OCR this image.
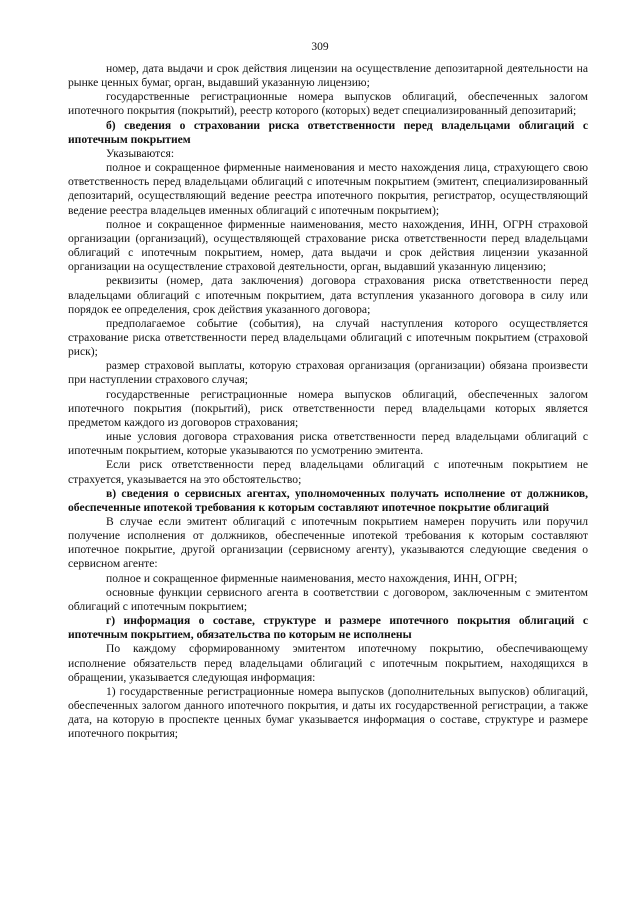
309

номер, дата выдачи и срок действия лицензии на осуществление депозитарной деятельности на рынке ценных бумаг, орган, выдавший указанную лицензию;

государственные регистрационные номера выпусков облигаций, обеспеченных залогом ипотечного покрытия (покрытий), реестр которого (которых) ведет специализированный депозитарий;

б) сведения о страховании риска ответственности перед владельцами облигаций с ипотечным покрытием

Указываются:

полное и сокращенное фирменные наименования и место нахождения лица, страхующего свою ответственность перед владельцами облигаций с ипотечным покрытием (эмитент, специализированный депозитарий, осуществляющий ведение реестра ипотечного покрытия, регистратор, осуществляющий ведение реестра владельцев именных облигаций с ипотечным покрытием);

полное и сокращенное фирменные наименования, место нахождения, ИНН, ОГРН страховой организации (организаций), осуществляющей страхование риска ответственности перед владельцами облигаций с ипотечным покрытием, номер, дата выдачи и срок действия лицензии указанной организации на осуществление страховой деятельности, орган, выдавший указанную лицензию;

реквизиты (номер, дата заключения) договора страхования риска ответственности перед владельцами облигаций с ипотечным покрытием, дата вступления указанного договора в силу или порядок ее определения, срок действия указанного договора;

предполагаемое событие (события), на случай наступления которого осуществляется страхование риска ответственности перед владельцами облигаций с ипотечным покрытием (страховой риск);

размер страховой выплаты, которую страховая организация (организации) обязана произвести при наступлении страхового случая;

государственные регистрационные номера выпусков облигаций, обеспеченных залогом ипотечного покрытия (покрытий), риск ответственности перед владельцами которых является предметом каждого из договоров страхования;

иные условия договора страхования риска ответственности перед владельцами облигаций с ипотечным покрытием, которые указываются по усмотрению эмитента.

Если риск ответственности перед владельцами облигаций с ипотечным покрытием не страхуется, указывается на это обстоятельство;

в) сведения о сервисных агентах, уполномоченных получать исполнение от должников, обеспеченные ипотекой требования к которым составляют ипотечное покрытие облигаций

В случае если эмитент облигаций с ипотечным покрытием намерен поручить или поручил получение исполнения от должников, обеспеченные ипотекой требования к которым составляют ипотечное покрытие, другой организации (сервисному агенту), указываются следующие сведения о сервисном агенте:

полное и сокращенное фирменные наименования, место нахождения, ИНН, ОГРН;

основные функции сервисного агента в соответствии с договором, заключенным с эмитентом облигаций с ипотечным покрытием;

г) информация о составе, структуре и размере ипотечного покрытия облигаций с ипотечным покрытием, обязательства по которым не исполнены

По каждому сформированному эмитентом ипотечному покрытию, обеспечивающему исполнение обязательств перед владельцами облигаций с ипотечным покрытием, находящихся в обращении, указывается следующая информация:

1) государственные регистрационные номера выпусков (дополнительных выпусков) облигаций, обеспеченных залогом данного ипотечного покрытия, и даты их государственной регистрации, а также дата, на которую в проспекте ценных бумаг указывается информация о составе, структуре и размере ипотечного покрытия;
